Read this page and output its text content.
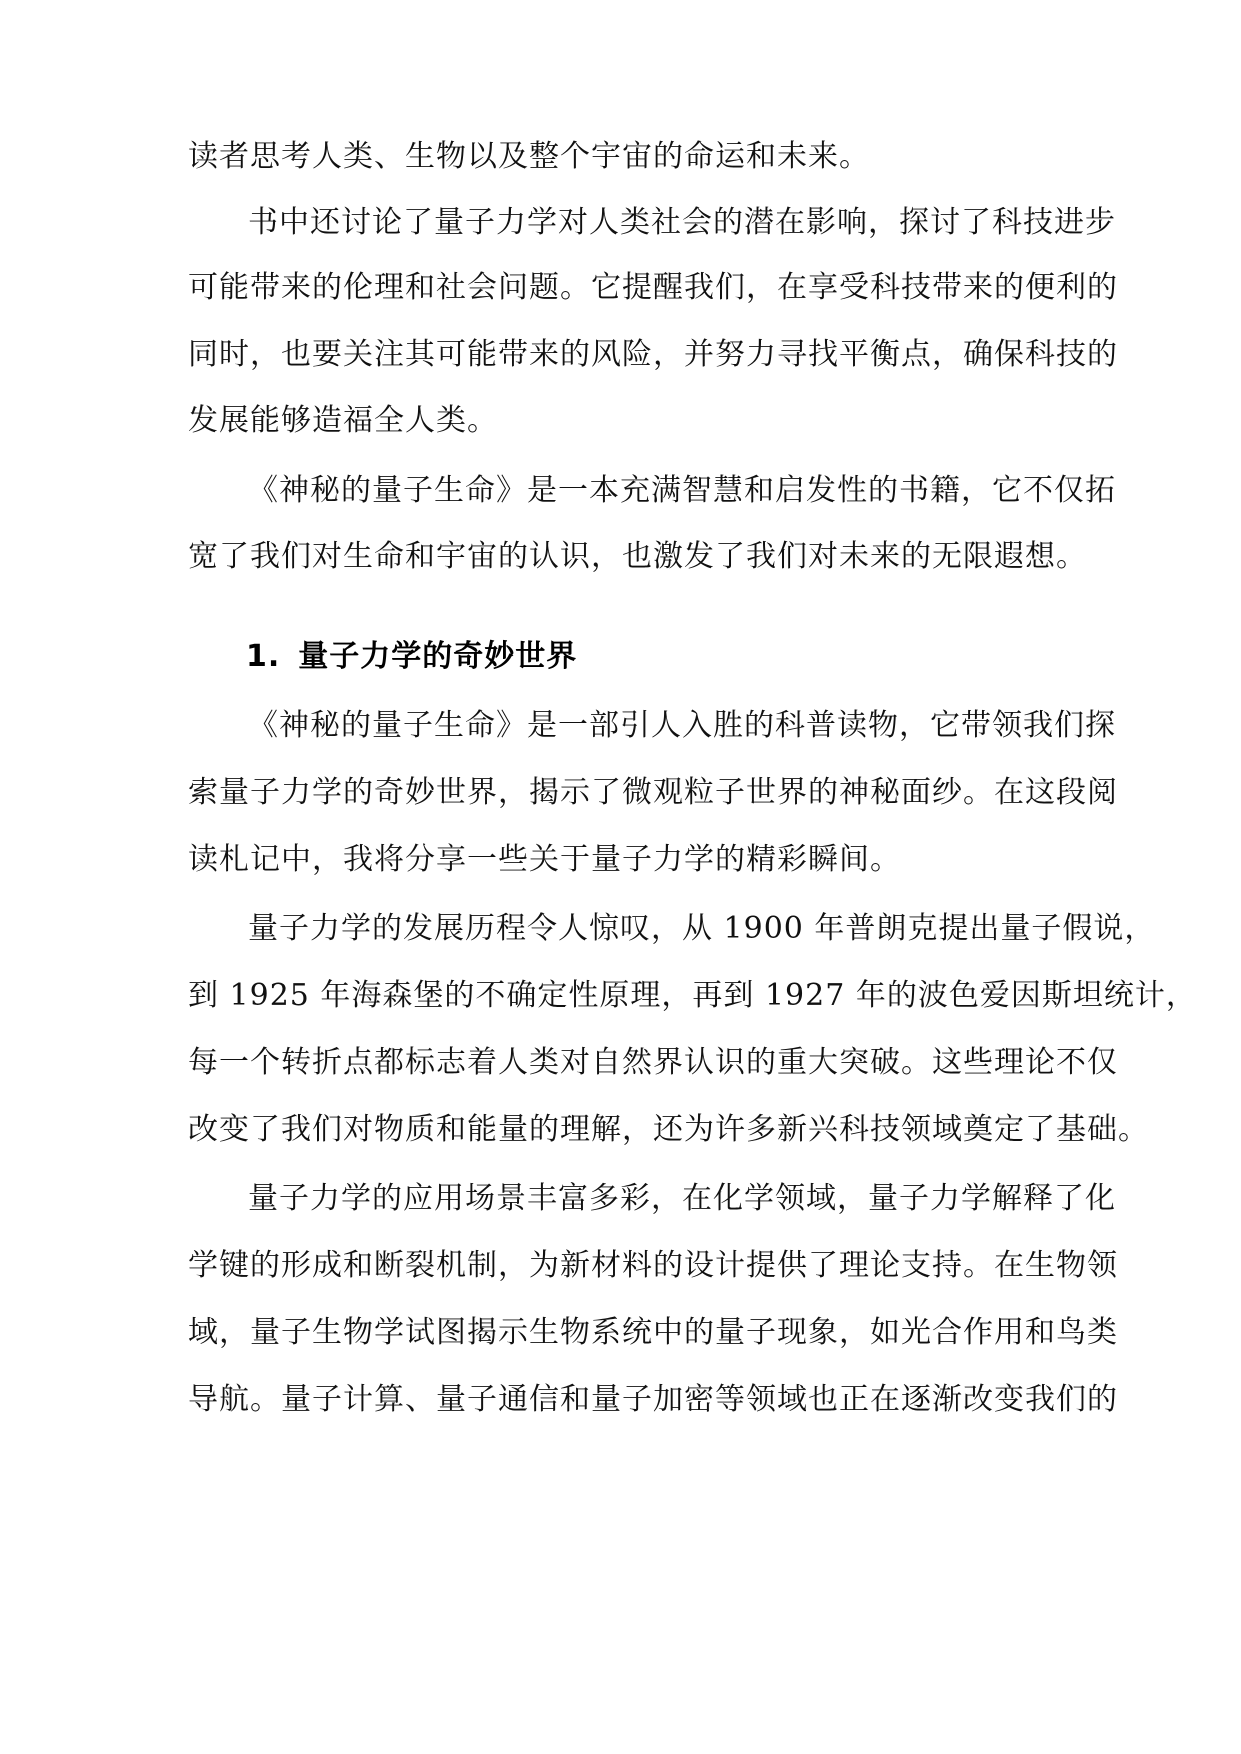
读者思考人类、生物以及整个宇宙的命运和未来。
书中还讨论了量子力学对人类社会的潜在影响，探讨了科技进步
可能带来的伦理和社会问题。它提醒我们，在享受科技带来的便利的
同时，也要关注其可能带来的风险，并努力寻找平衡点，确保科技的
发展能够造福全人类。
《神秘的量子生命》是一本充满智慧和启发性的书籍，它不仅拓
宽了我们对生命和宇宙的认识，也激发了我们对未来的无限遐想。
1. 量子力学的奇妙世界
《神秘的量子生命》是一部引人入胜的科普读物，它带领我们探
索量子力学的奇妙世界，揭示了微观粒子世界的神秘面纱。在这段阅
读札记中，我将分享一些关于量子力学的精彩瞬间。
量子力学的发展历程令人惊叹，从 1900 年普朗克提出量子假说，
到 1925 年海森堡的不确定性原理，再到 1927 年的波色爱因斯坦统计，
每一个转折点都标志着人类对自然界认识的重大突破。这些理论不仅
改变了我们对物质和能量的理解，还为许多新兴科技领域奠定了基础。
量子力学的应用场景丰富多彩，在化学领域，量子力学解释了化
学键的形成和断裂机制，为新材料的设计提供了理论支持。在生物领
域，量子生物学试图揭示生物系统中的量子现象，如光合作用和鸟类
导航。量子计算、量子通信和量子加密等领域也正在逐渐改变我们的
